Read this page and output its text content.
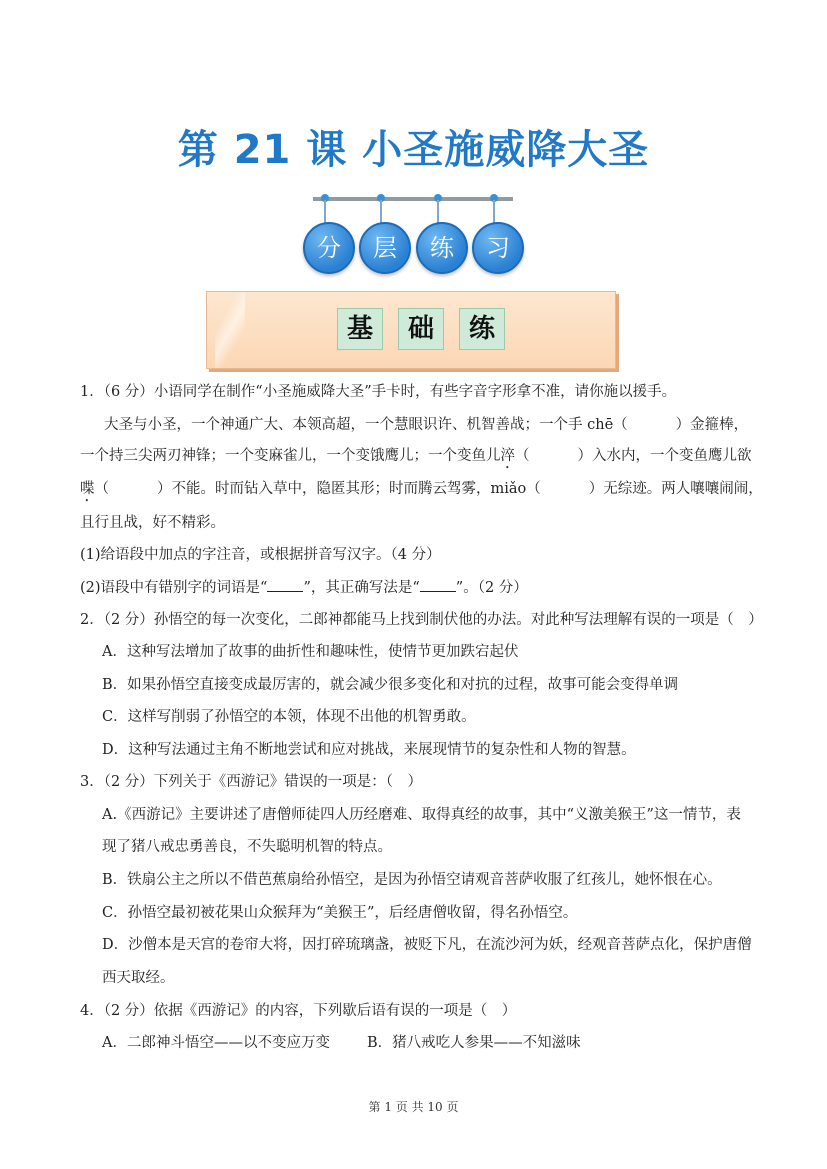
第 21 课 小圣施威降大圣
分	层	练	习
基 础 练
1．（6 分）小语同学在制作“小圣施威降大圣”手卡时，有些字音字形拿不准，请你施以援手。
大圣与小圣，一个神通广大、本领高超，一个慧眼识许、机智善战；一个手 chē（	）金箍棒，
一个持三尖两刃神锋；一个变麻雀儿，一个变饿鹰儿；一个变鱼儿淬（	）入水内，一个变鱼鹰儿欲
喋（	）不能。时而钻入草中，隐匿其形；时而腾云驾雾，miǎo（	）无综迹。两人嚷嚷闹闹，
且行且战，好不精彩。
(1)给语段中加点的字注音，或根据拼音写汉字。（4 分）
(2)语段中有错别字的词语是“ ”，其正确写法是“ ”。（2 分）
2．（2 分）孙悟空的每一次变化，二郎神都能马上找到制伏他的办法。对此种写法理解有误的一项是（　）
A．这种写法增加了故事的曲折性和趣味性，使情节更加跌宕起伏
B．如果孙悟空直接变成最厉害的，就会减少很多变化和对抗的过程，故事可能会变得单调
C．这样写削弱了孙悟空的本领，体现不出他的机智勇敢。
D．这种写法通过主角不断地尝试和应对挑战，来展现情节的复杂性和人物的智慧。
3．（2 分）下列关于《西游记》错误的一项是：（　）
A.《西游记》主要讲述了唐僧师徒四人历经磨难、取得真经的故事，其中“义激美猴王”这一情节，表
现了猪八戒忠勇善良，不失聪明机智的特点。
B．铁扇公主之所以不借芭蕉扇给孙悟空，是因为孙悟空请观音菩萨收服了红孩儿，她怀恨在心。
C．孙悟空最初被花果山众猴拜为“美猴王”，后经唐僧收留，得名孙悟空。
D．沙僧本是天宫的卷帘大将，因打碎琉璃盏，被贬下凡，在流沙河为妖，经观音菩萨点化，保护唐僧
西天取经。
4．（2 分）依据《西游记》的内容，下列歇后语有误的一项是（　）
A．二郎神斗悟空——以不变应万变	B．猪八戒吃人参果——不知滋味
第 1 页 共 10 页
